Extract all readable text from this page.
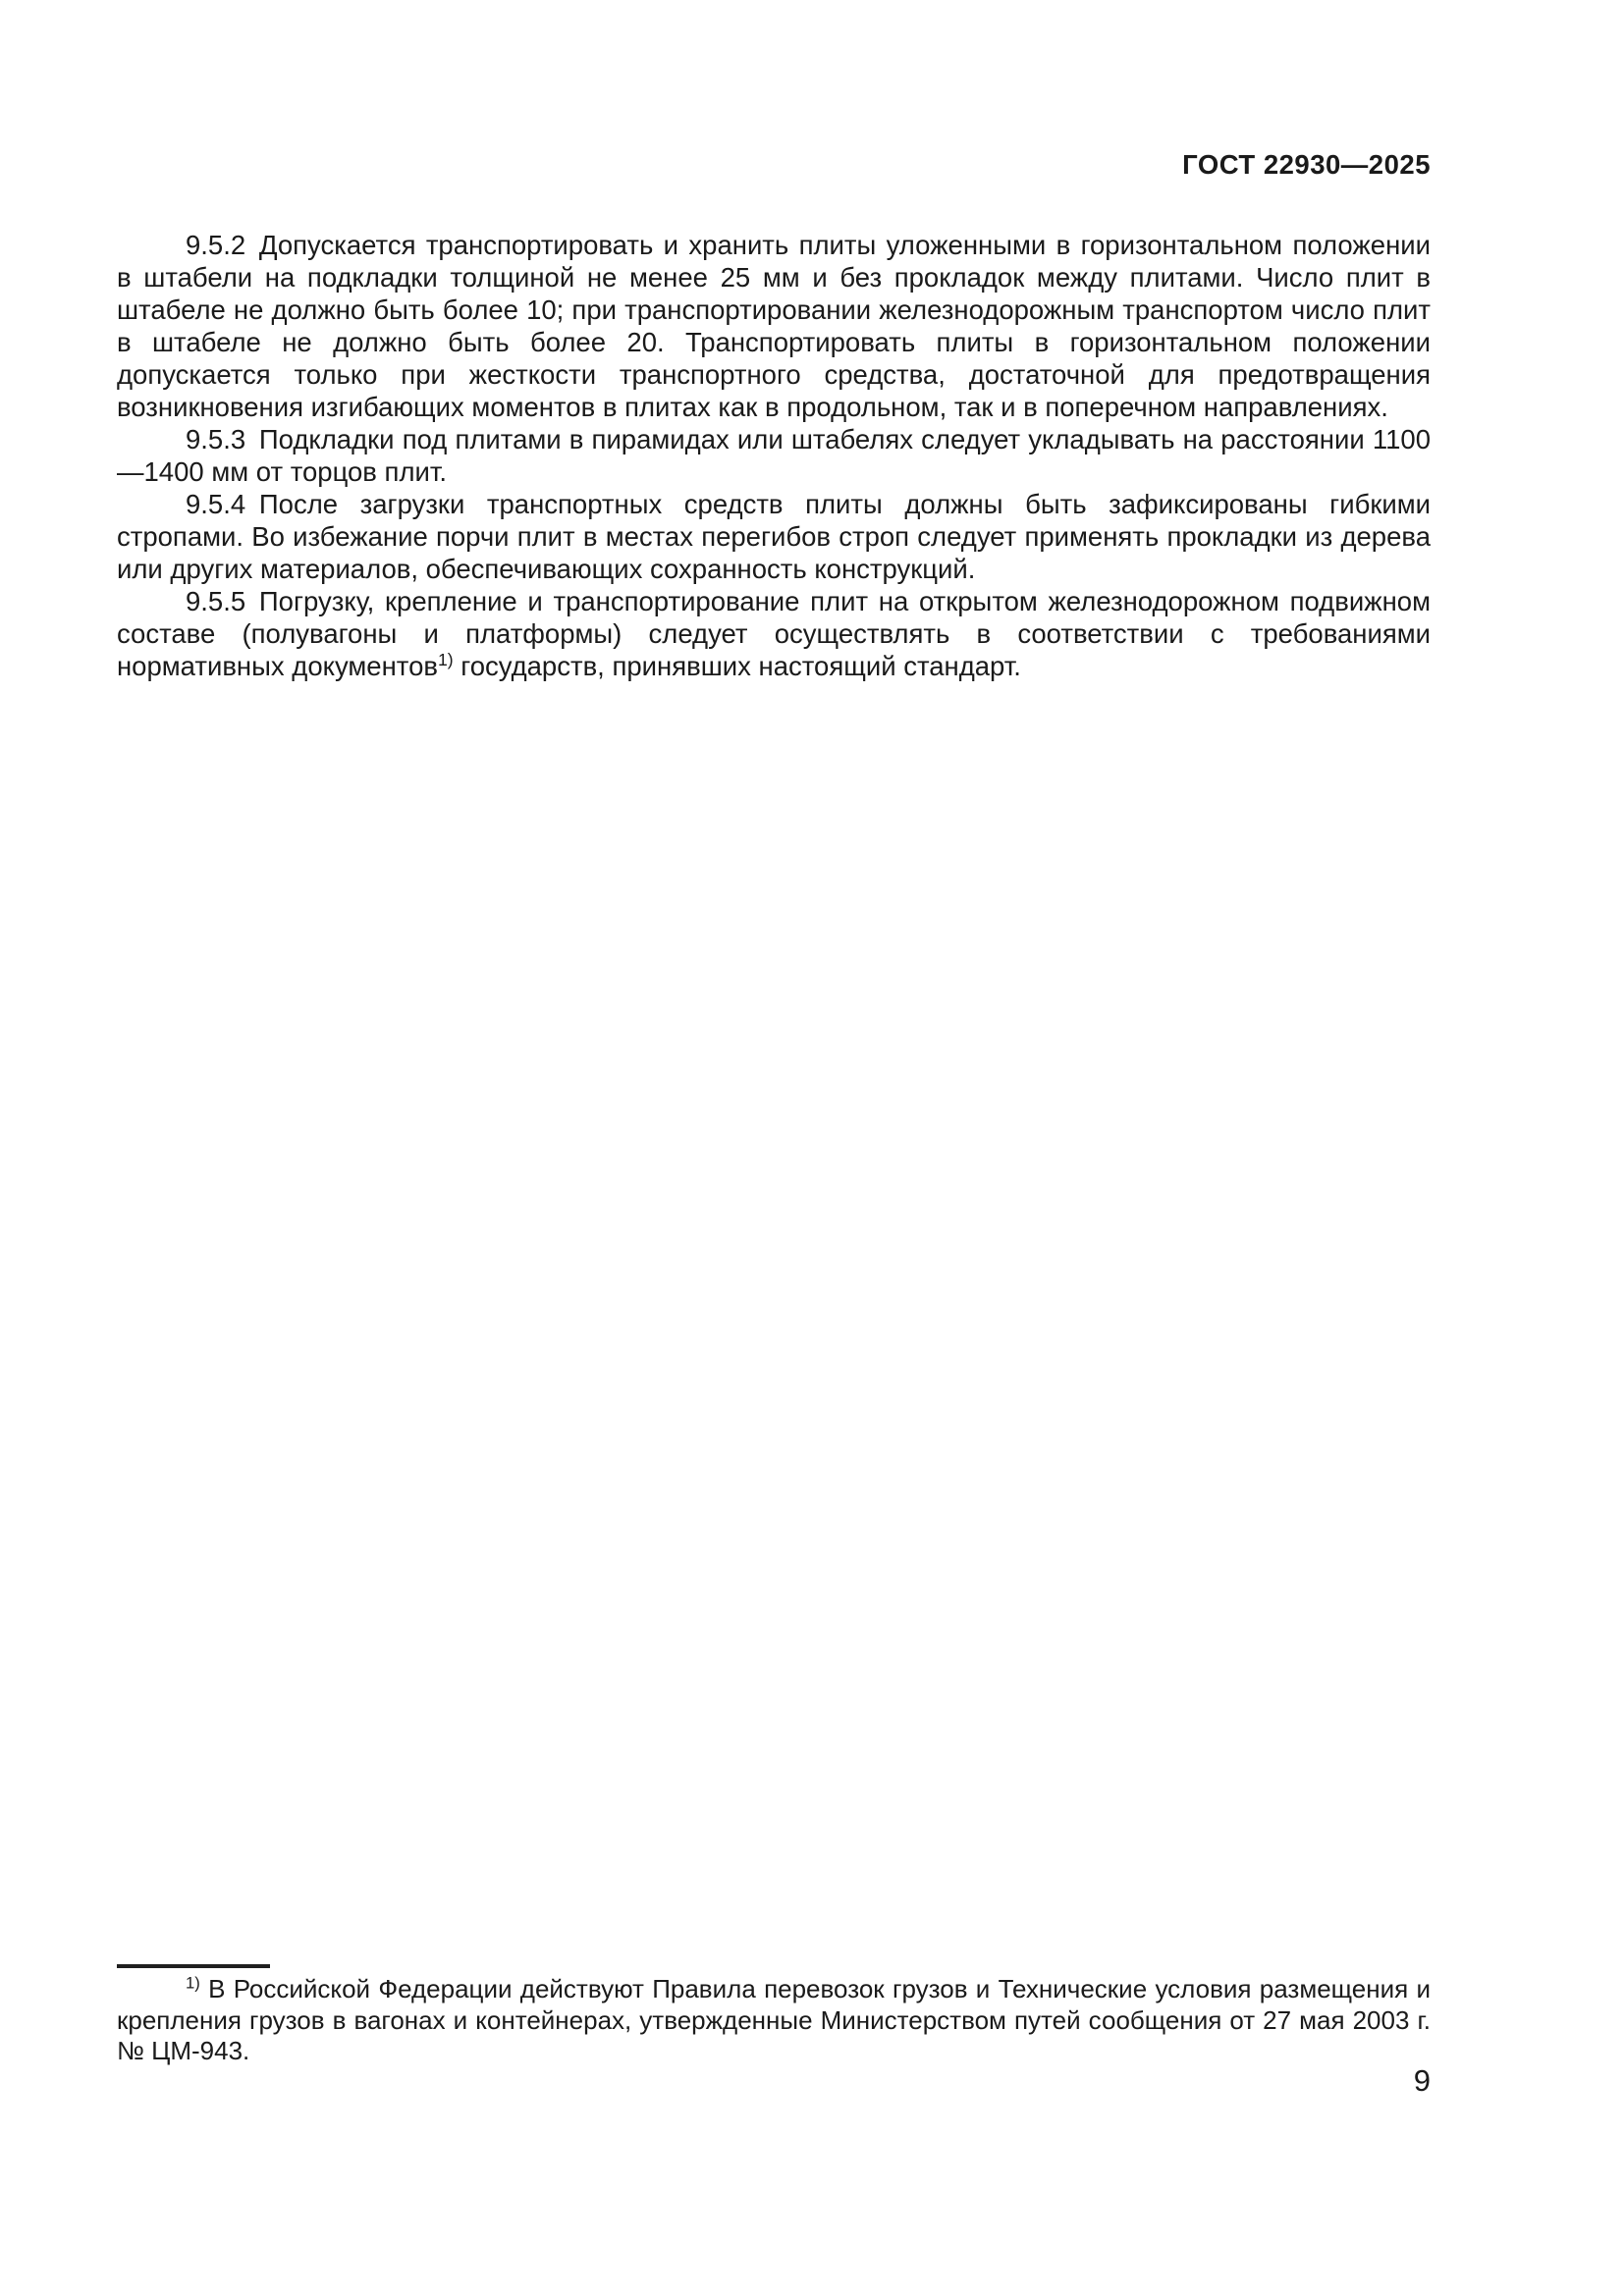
ГОСТ 22930—2025

9.5.2 Допускается транспортировать и хранить плиты уложенными в горизонтальном положении в штабели на подкладки толщиной не менее 25 мм и без прокладок между плитами. Число плит в штабеле не должно быть более 10; при транспортировании железнодорожным транспортом число плит в штабеле не должно быть более 20. Транспортировать плиты в горизонтальном положении допускается только при жесткости транспортного средства, достаточной для предотвращения возникновения изгибающих моментов в плитах как в продольном, так и в поперечном направлениях.

9.5.3 Подкладки под плитами в пирамидах или штабелях следует укладывать на расстоянии 1100—1400 мм от торцов плит.

9.5.4 После загрузки транспортных средств плиты должны быть зафиксированы гибкими стропами. Во избежание порчи плит в местах перегибов строп следует применять прокладки из дерева или других материалов, обеспечивающих сохранность конструкций.

9.5.5 Погрузку, крепление и транспортирование плит на открытом железнодорожном подвижном составе (полувагоны и платформы) следует осуществлять в соответствии с требованиями нормативных документов$^{1)}$ государств, принявших настоящий стандарт.

$^{1)}$ В Российской Федерации действуют Правила перевозок грузов и Технические условия размещения и крепления грузов в вагонах и контейнерах, утвержденные Министерством путей сообщения от 27 мая 2003 г. № ЦМ-943.

9
